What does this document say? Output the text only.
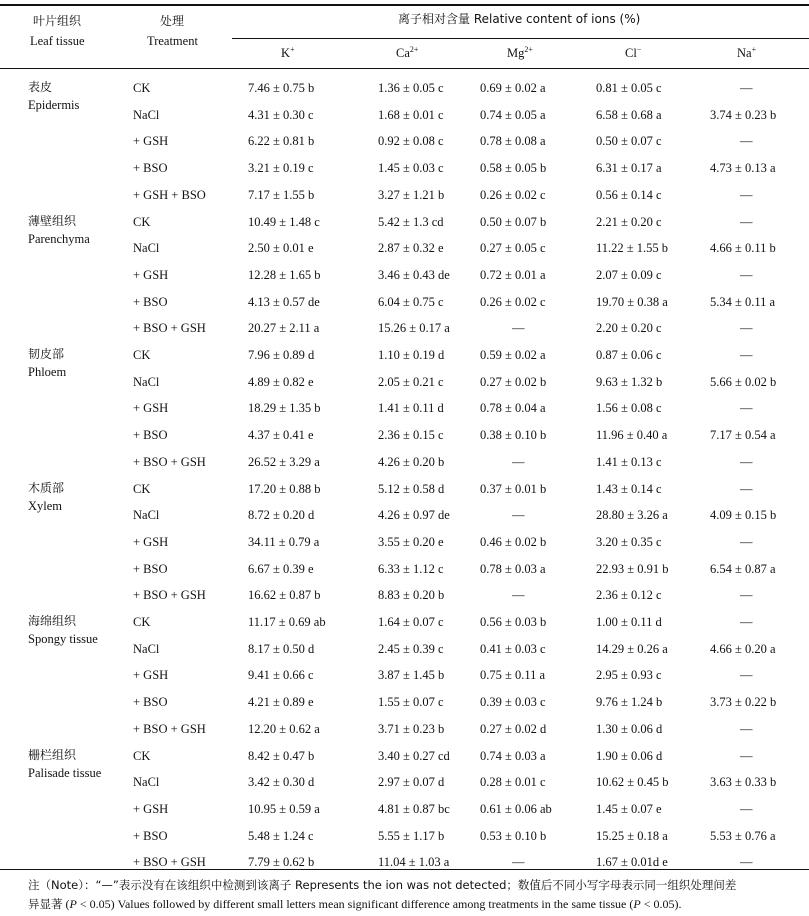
叶片组织
Leaf tissue
处理
Treatment
离子相对含量 Relative content of ions (%)
K+	$Ca^{2+}$	$Mg^{2+}$	Cl−	Na+
表皮
Epidermis
CK	7.46 ± 0.75 b	1.36 ± 0.05 c	0.69 ± 0.02 a	0.81 ± 0.05 c	—
NaCl	4.31 ± 0.30 c	1.68 ± 0.01 c	0.74 ± 0.05 a	6.58 ± 0.68 a	3.74 ± 0.23 b
+ GSH	6.22 ± 0.81 b	0.92 ± 0.08 c	0.78 ± 0.08 a	0.50 ± 0.07 c	—
+ BSO	3.21 ± 0.19 c	1.45 ± 0.03 c	0.58 ± 0.05 b	6.31 ± 0.17 a	4.73 ± 0.13 a
+ GSH + BSO	7.17 ± 1.55 b	3.27 ± 1.21 b	0.26 ± 0.02 c	0.56 ± 0.14 c	—
薄壁组织
Parenchyma
CK	10.49 ± 1.48 c	5.42 ± 1.3 cd	0.50 ± 0.07 b	2.21 ± 0.20 c	—
NaCl	2.50 ± 0.01 e	2.87 ± 0.32 e	0.27 ± 0.05 c	11.22 ± 1.55 b	4.66 ± 0.11 b
+ GSH	12.28 ± 1.65 b	3.46 ± 0.43 de 0.72 ± 0.01 a	2.07 ± 0.09 c	—
+ BSO	4.13 ± 0.57 de	6.04 ± 0.75 c	0.26 ± 0.02 c	19.70 ± 0.38 a	5.34 ± 0.11 a
+ BSO + GSH	20.27 ± 2.11 a	15.26 ± 0.17 a	—	2.20 ± 0.20 c	—
韧皮部
Phloem
CK	7.96 ± 0.89 d	1.10 ± 0.19 d	0.59 ± 0.02 a	0.87 ± 0.06 c	—
NaCl	4.89 ± 0.82 e	2.05 ± 0.21 c	0.27 ± 0.02 b	9.63 ± 1.32 b	5.66 ± 0.02 b
+ GSH	18.29 ± 1.35 b	1.41 ± 0.11 d	0.78 ± 0.04 a	1.56 ± 0.08 c	—
+ BSO	4.37 ± 0.41 e	2.36 ± 0.15 c	0.38 ± 0.10 b	11.96 ± 0.40 a	7.17 ± 0.54 a
+ BSO + GSH	26.52 ± 3.29 a	4.26 ± 0.20 b	—	1.41 ± 0.13 c	—
木质部
Xylem
CK	17.20 ± 0.88 b	5.12 ± 0.58 d	0.37 ± 0.01 b	1.43 ± 0.14 c	—
NaCl	8.72 ± 0.20 d	4.26 ± 0.97 de	—	28.80 ± 3.26 a	4.09 ± 0.15 b
+ GSH	34.11 ± 0.79 a	3.55 ± 0.20 e	0.46 ± 0.02 b	3.20 ± 0.35 c	—
+ BSO	6.67 ± 0.39 e	6.33 ± 1.12 c	0.78 ± 0.03 a	22.93 ± 0.91 b	6.54 ± 0.87 a
+ BSO + GSH	16.62 ± 0.87 b	8.83 ± 0.20 b	—	2.36 ± 0.12 c	—
海绵组织
Spongy tissue
CK	11.17 ± 0.69 ab	1.64 ± 0.07 c	0.56 ± 0.03 b	1.00 ± 0.11 d	—
NaCl	8.17 ± 0.50 d	2.45 ± 0.39 c	0.41 ± 0.03 c	14.29 ± 0.26 a	4.66 ± 0.20 a
+ GSH	9.41 ± 0.66 c	3.87 ± 1.45 b	0.75 ± 0.11 a	2.95 ± 0.93 c	—
+ BSO	4.21 ± 0.89 e	1.55 ± 0.07 c	0.39 ± 0.03 c	9.76 ± 1.24 b	3.73 ± 0.22 b
+ BSO + GSH	12.20 ± 0.62 a	3.71 ± 0.23 b	0.27 ± 0.02 d	1.30 ± 0.06 d	—
栅栏组织
Palisade tissue
CK	8.42 ± 0.47 b	3.40 ± 0.27 cd 0.74 ± 0.03 a	1.90 ± 0.06 d	—
NaCl	3.42 ± 0.30 d	2.97 ± 0.07 d	0.28 ± 0.01 c	10.62 ± 0.45 b	3.63 ± 0.33 b
+ GSH	10.95 ± 0.59 a	4.81 ± 0.87 bc 0.61 ± 0.06 ab	1.45 ± 0.07 e	—
+ BSO	5.48 ± 1.24 c	5.55 ± 1.17 b	0.53 ± 0.10 b	15.25 ± 0.18 a	5.53 ± 0.76 a
+ BSO + GSH	7.79 ± 0.62 b	11.04 ± 1.03 a	—	1.67 ± 0.01d e	—
注（Note）：“—”表示没有在该组织中检测到该离子 Represents the ion was not detected；数值后不同小写字母表示同一组织处理间差
异显著 (P < 0.05) Values followed by different small letters mean significant difference among treatments in the same tissue (P < 0.05).
